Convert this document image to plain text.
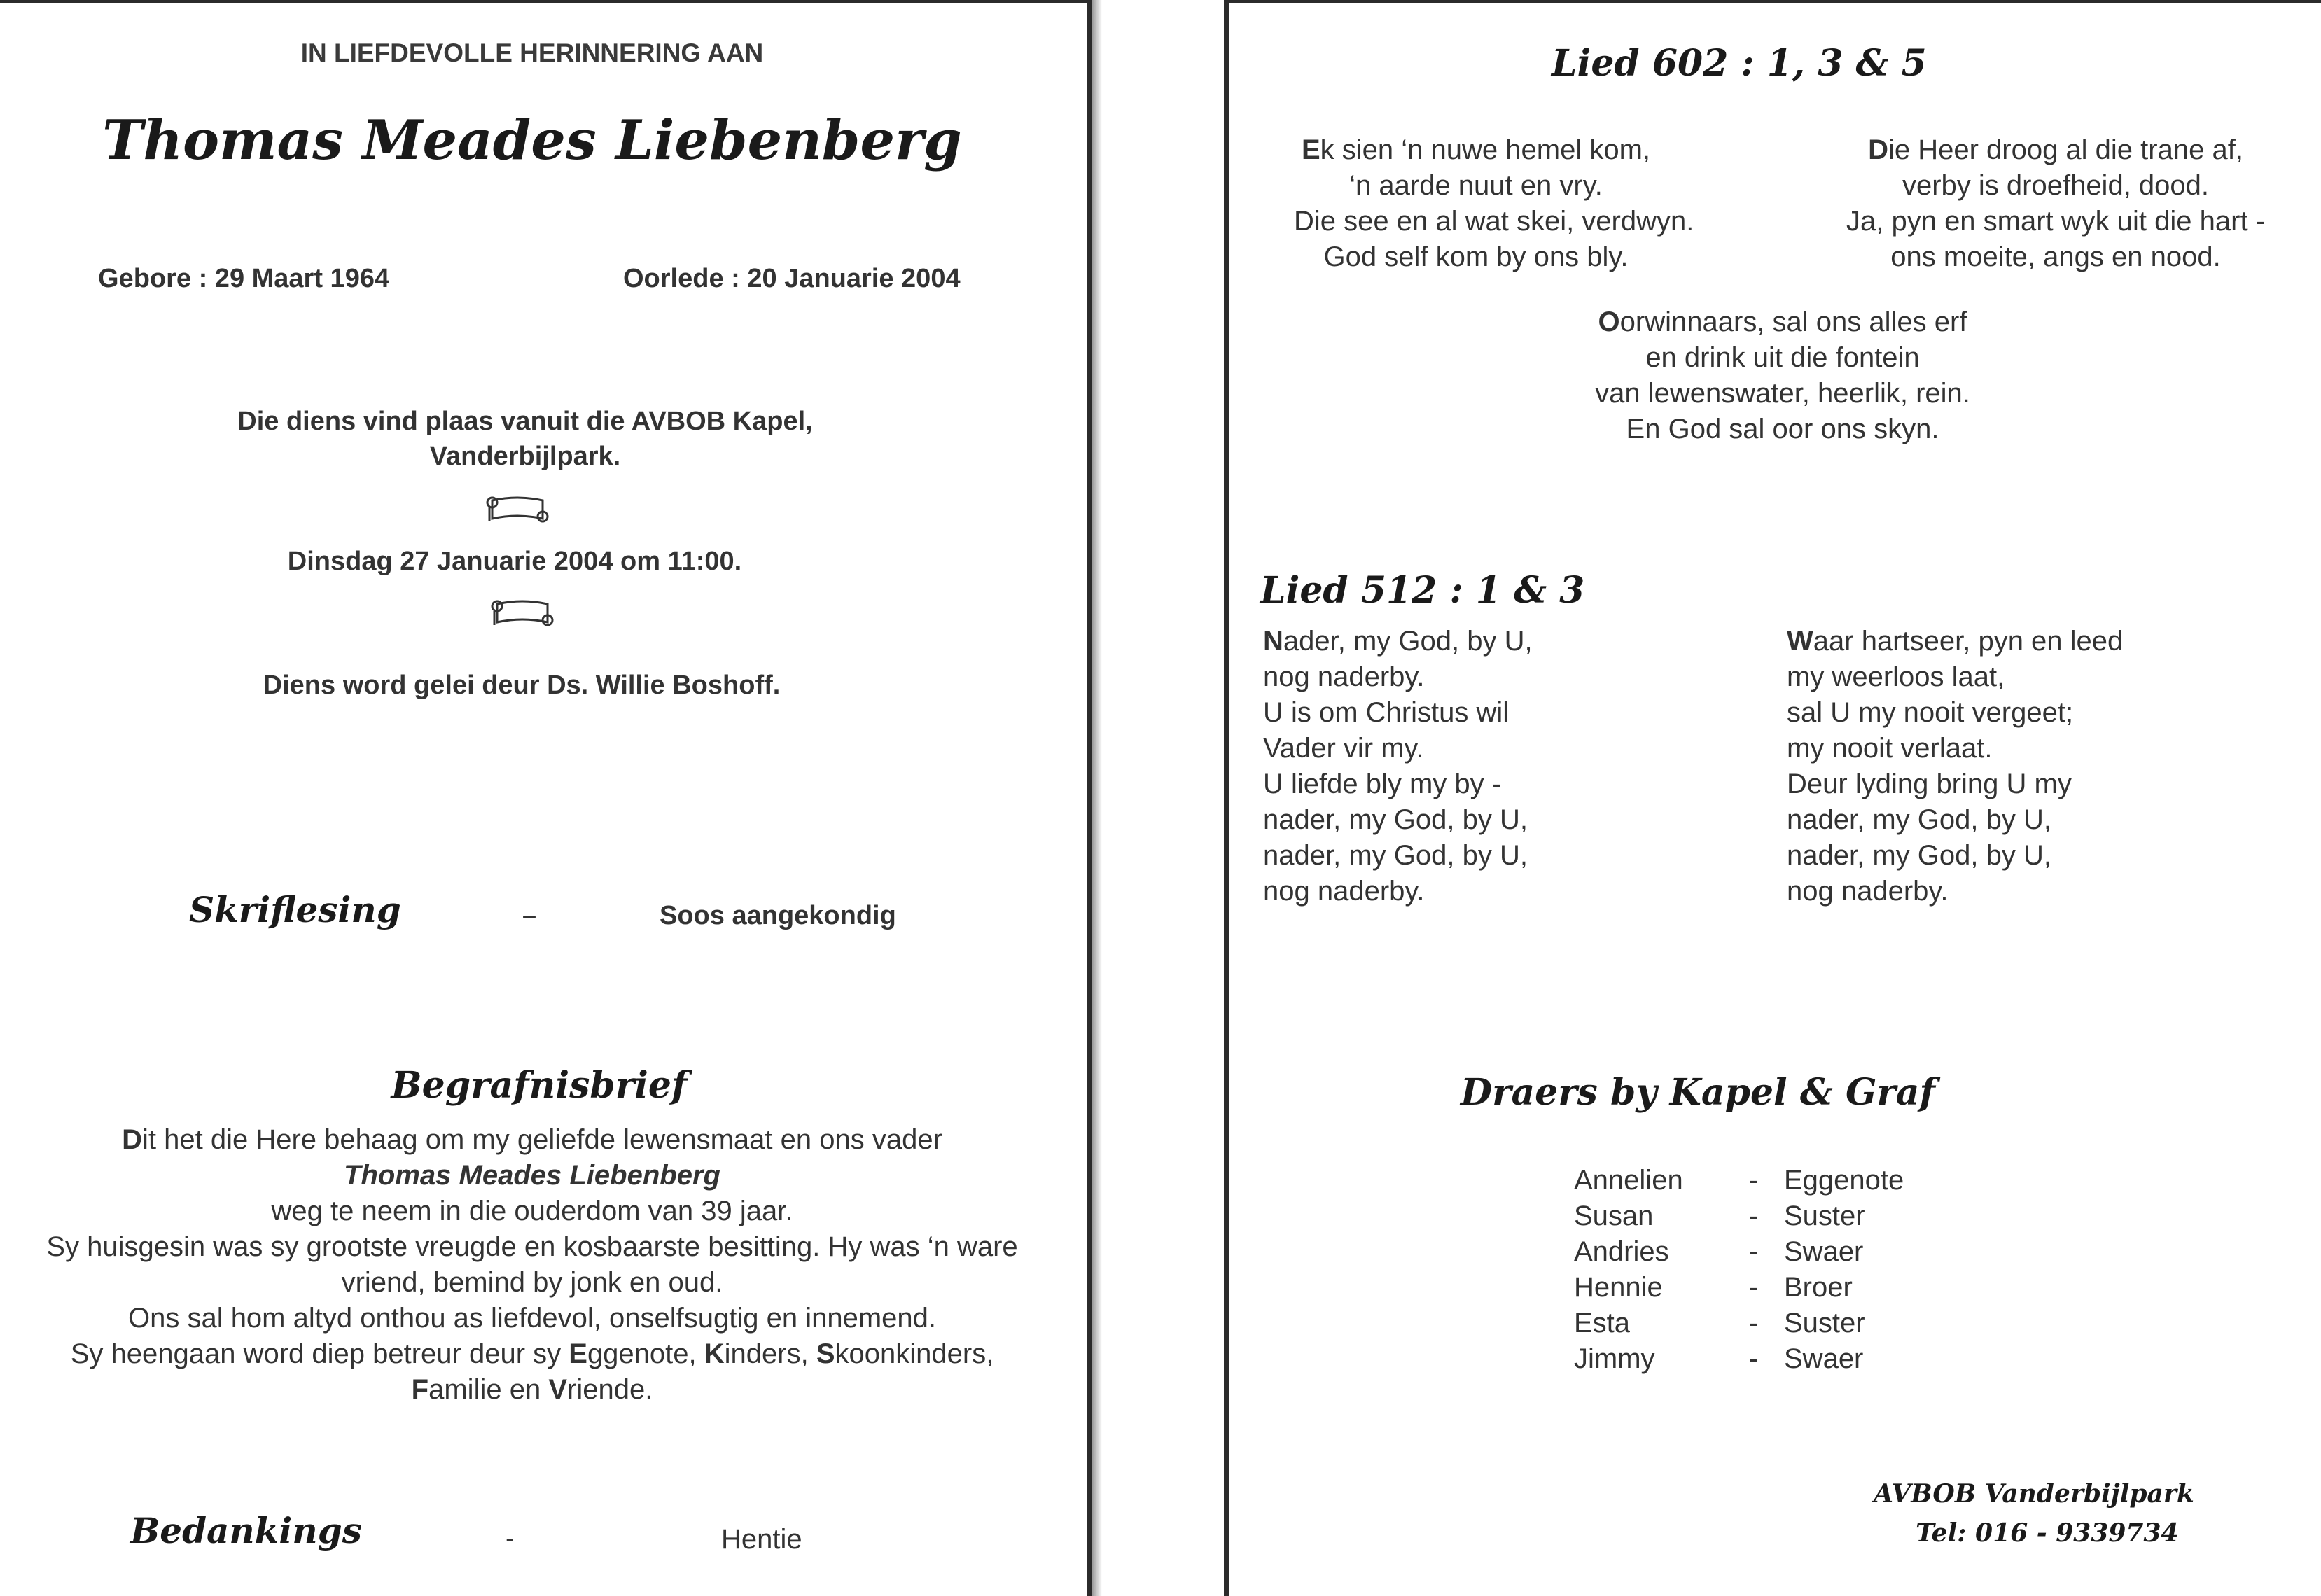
IN LIEFDEVOLLE HERINNERING AAN
Thomas Meades Liebenberg
Gebore : 29 Maart 1964	Oorlede : 20 Januarie 2004
Die diens vind plaas vanuit die AVBOB Kapel,
Vanderbijlpark.
Dinsdag 27 Januarie 2004 om 11:00.
Diens word gelei deur Ds. Willie Boshoff.
Skriflesing	–	Soos aangekondig
Begrafnisbrief
Dit het die Here behaag om my geliefde lewensmaat en ons vader
Thomas Meades Liebenberg
weg te neem in die ouderdom van 39 jaar.
Sy huisgesin was sy grootste vreugde en kosbaarste besitting. Hy was ‘n ware
vriend, bemind by jonk en oud.
Ons sal hom altyd onthou as liefdevol, onselfsugtig en innemend.
Sy heengaan word diep betreur deur sy Eggenote, Kinders, Skoonkinders,
Familie en Vriende.
Bedankings	-	Hentie
Lied 602 : 1, 3 & 5
Ek sien ‘n nuwe hemel kom,
‘n aarde nuut en vry.
Die see en al wat skei, verdwyn.
God self kom by ons bly.
Die Heer droog al die trane af,
verby is droefheid, dood.
Ja, pyn en smart wyk uit die hart -
ons moeite, angs en nood.
Oorwinnaars, sal ons alles erf
en drink uit die fontein
van lewenswater, heerlik, rein.
En God sal oor ons skyn.
Lied 512 : 1 & 3
Nader, my God, by U,
nog naderby.
U is om Christus wil
Vader vir my.
U liefde bly my by -
nader, my God, by U,
nader, my God, by U,
nog naderby.
Waar hartseer, pyn en leed
my weerloos laat,
sal U my nooit vergeet;
my nooit verlaat.
Deur lyding bring U my
nader, my God, by U,
nader, my God, by U,
nog naderby.
Draers by Kapel & Graf
Annelien	- Eggenote
Susan	- Suster
Andries	- Swaer
Hennie	- Broer
Esta	- Suster
Jimmy	- Swaer
AVBOB Vanderbijlpark
Tel: 016 - 9339734
